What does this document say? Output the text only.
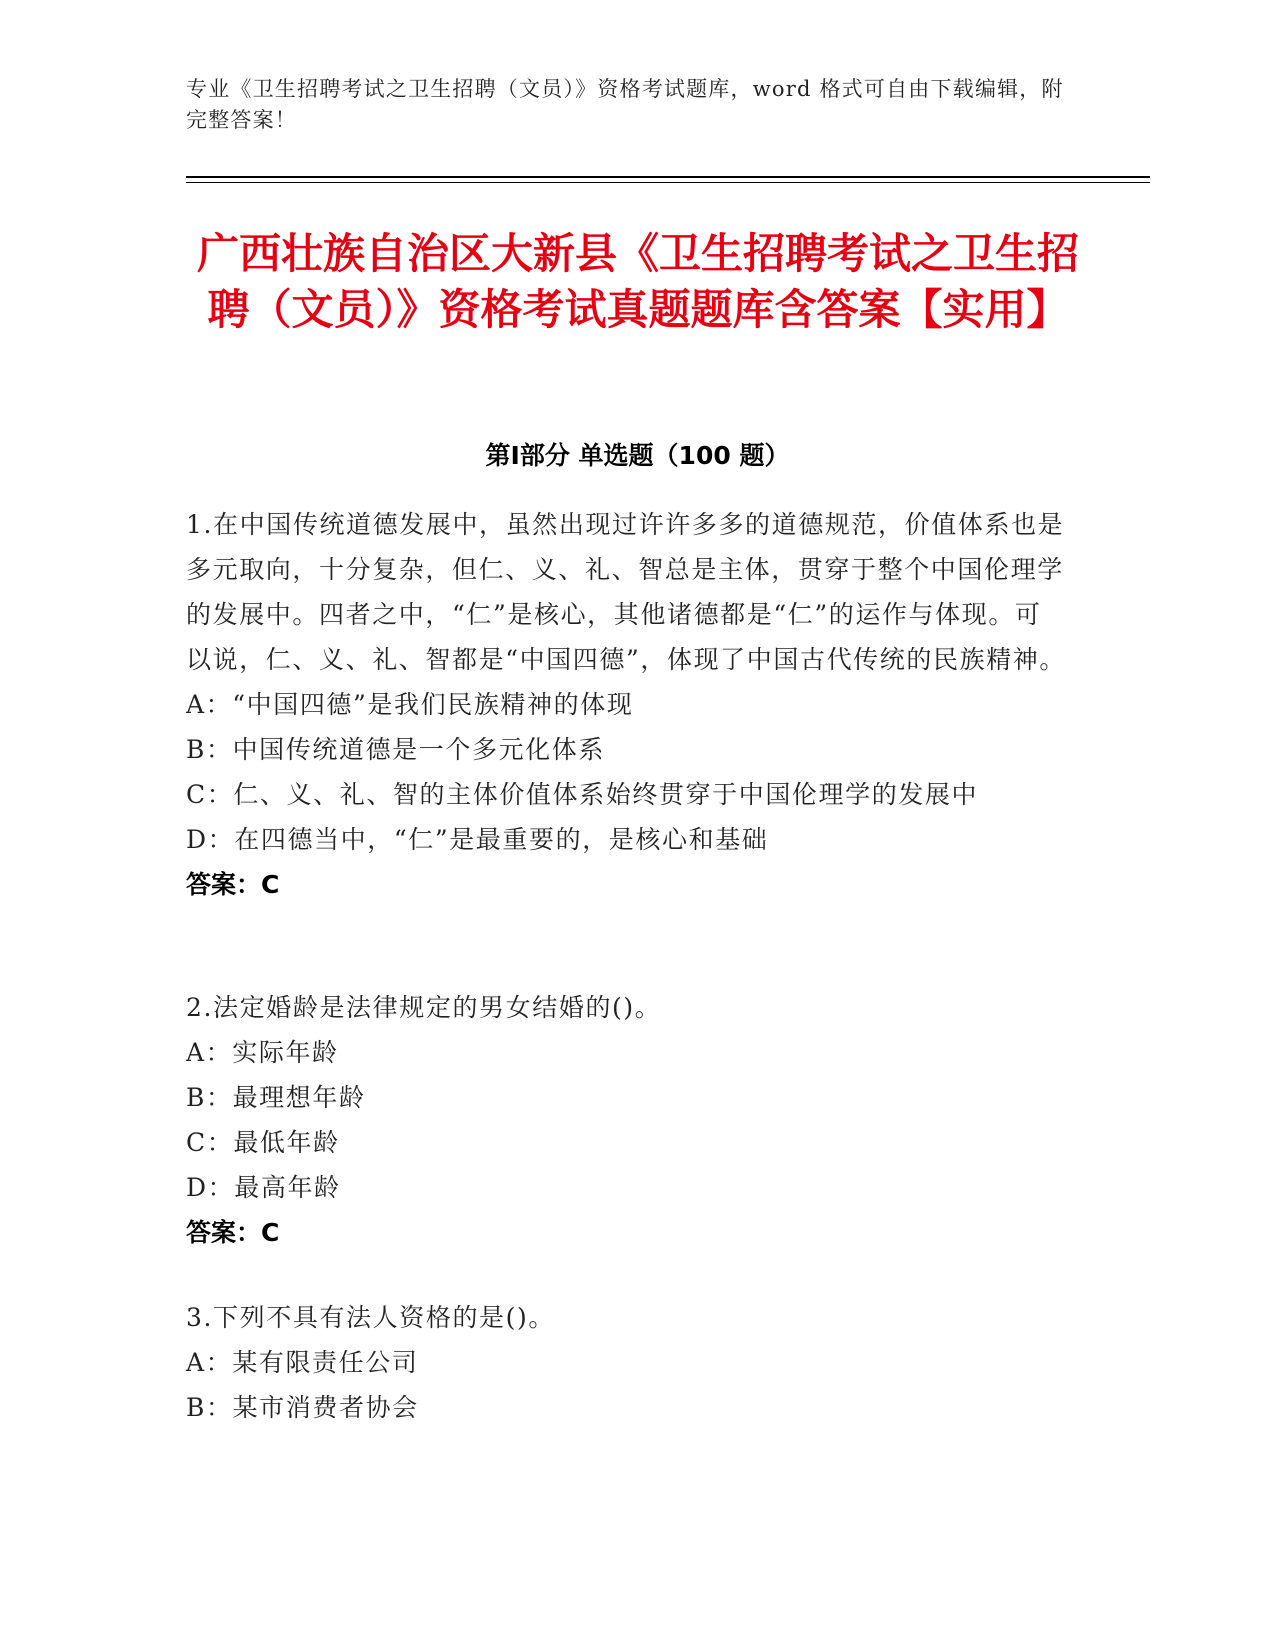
专业《卫生招聘考试之卫生招聘（文员）》资格考试题库，word 格式可自由下载编辑，附完整答案！
广西壮族自治区大新县《卫生招聘考试之卫生招聘（文员）》资格考试真题题库含答案【实用】
第Ⅰ部分 单选题（100 题）
1.在中国传统道德发展中，虽然出现过许许多多的道德规范，价值体系也是多元取向，十分复杂，但仁、义、礼、智总是主体，贯穿于整个中国伦理学的发展中。四者之中，“仁”是核心，其他诸德都是“仁”的运作与体现。可以说，仁、义、礼、智都是“中国四德”，体现了中国古代传统的民族精神。
A：“中国四德”是我们民族精神的体现
B：中国传统道德是一个多元化体系
C：仁、义、礼、智的主体价值体系始终贯穿于中国伦理学的发展中
D：在四德当中，“仁”是最重要的，是核心和基础
答案：C
2.法定婚龄是法律规定的男女结婚的()。
A：实际年龄
B：最理想年龄
C：最低年龄
D：最高年龄
答案：C
3.下列不具有法人资格的是()。
A：某有限责任公司
B：某市消费者协会
